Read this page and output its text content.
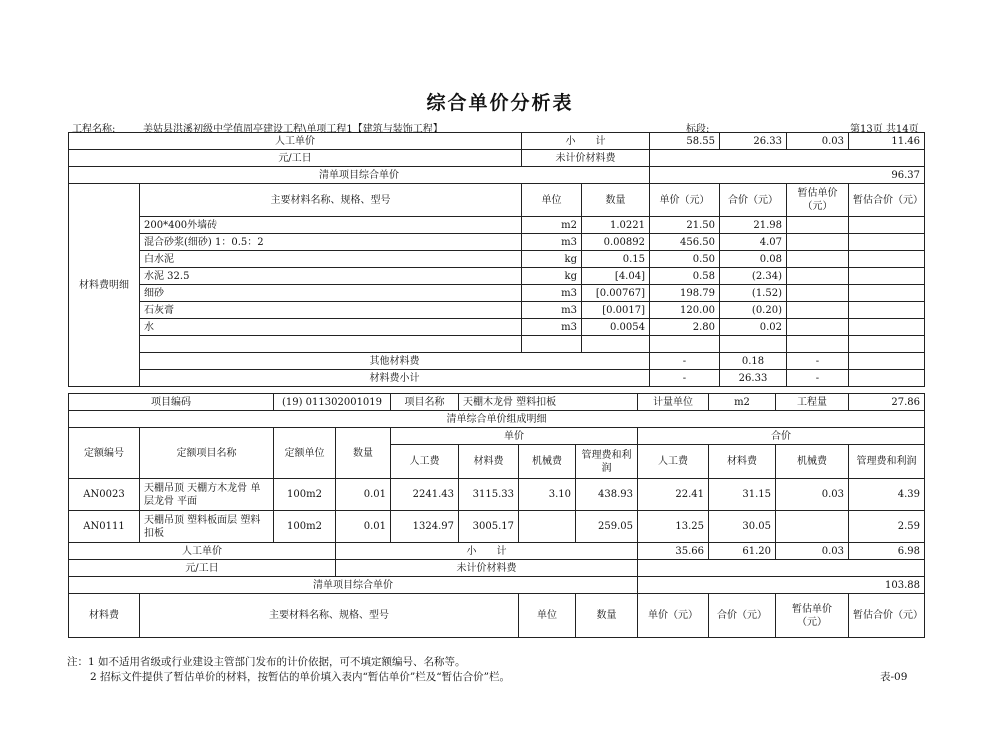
综合单价分析表
工程名称:	美姑县洪溪初级中学值周亭建设工程\单项工程1【建筑与装饰工程】	标段:	第13页 共14页
人工单价		小　　计		58.55	26.33	0.03	11.46
元/工日		未计价材料费					
清单项目综合单价				96.37			
材料费明细	主要材料名称、规格、型号	单位	数量	单价（元）	合价（元）	暂估单价（元）	暂估合价（元）
	200*400外墙砖	m2	1.0221	21.50	21.98		
	混合砂浆(细砂) 1：0.5：2	m3	0.00892	456.50	4.07		
	白水泥	kg	0.15	0.50	0.08		
	水泥 32.5	kg	[4.04]	0.58	(2.34)		
	细砂	m3	[0.00767]	198.79	(1.52)		
	石灰膏	m3	[0.0017]	120.00	(0.20)		
	水	m3	0.0054	2.80	0.02		

	其他材料费			-	0.18	-	
	材料费小计			-	26.33	-	
项目编码		(19) 011302001019		项目名称	天棚木龙骨 塑料扣板			计量单位	m2	工程量	27.86
清单综合单价组成明细											
定额编号	定额项目名称	定额单位	数量	单价				合价			
				人工费	材料费	机械费	管理费和利润	人工费	材料费	机械费	管理费和利润
AN0023	天棚吊顶 天棚方木龙骨 单层龙骨 平面	100m2	0.01	2241.43	3115.33	3.10	438.93	22.41	31.15	0.03	4.39
AN0111	天棚吊顶 塑料板面层 塑料扣板	100m2	0.01	1324.97	3005.17		259.05	13.25	30.05		2.59
人工单价			小　　计					35.66	61.20	0.03	6.98
元/工日			未计价材料费								
清单项目综合单价								103.88			
材料费	主要材料名称、规格、型号					单位	数量	单价（元）	合价（元）	暂估单价（元）	暂估合价（元）
注：1 如不适用省级或行业建设主管部门发布的计价依据，可不填定额编号、名称等。
2 招标文件提供了暂估单价的材料，按暂估的单价填入表内“暂估单价”栏及“暂估合价”栏。	表-09
